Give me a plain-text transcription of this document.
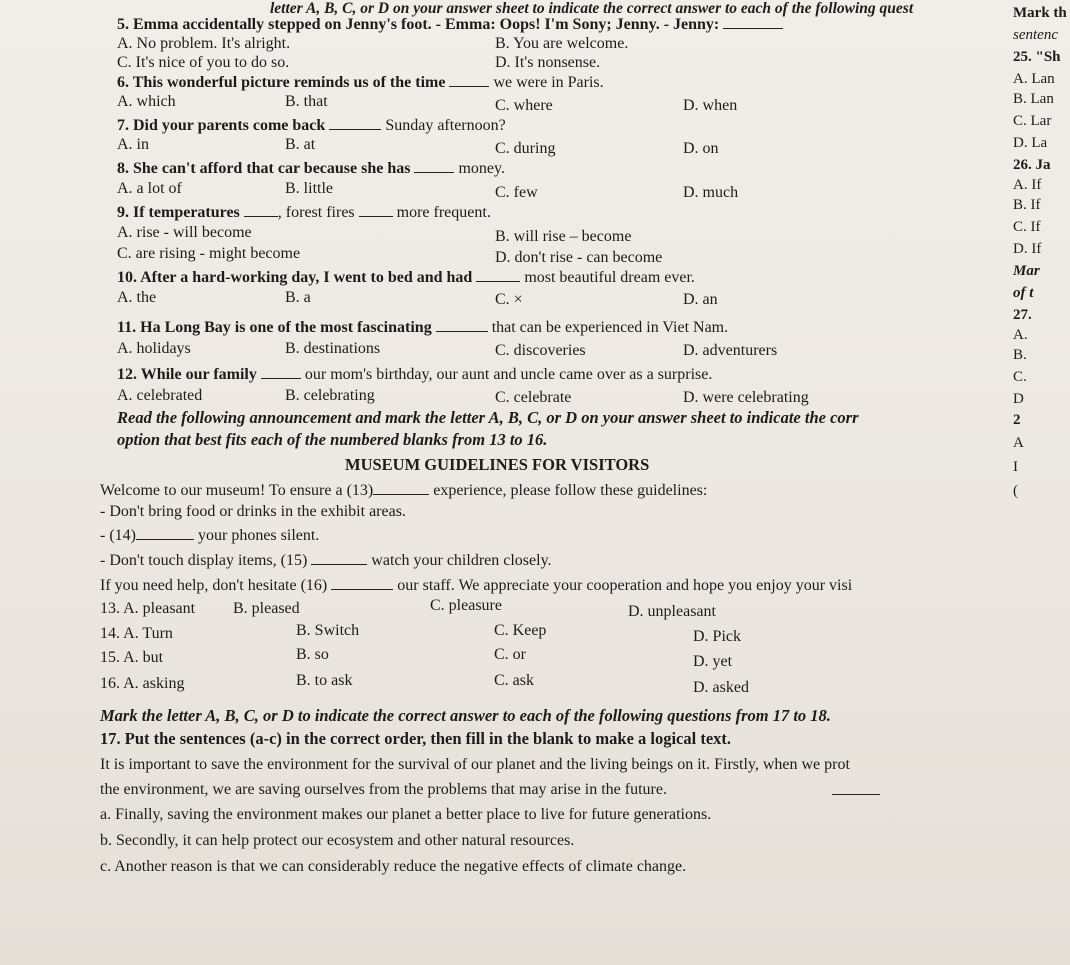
letter A, B, C, or D on your answer sheet to indicate the correct answer to each of the following quest
5. Emma accidentally stepped on Jenny's foot. - Emma: Oops! I'm Sony; Jenny. - Jenny:
A. No problem. It's alright.	B. You are welcome.
C. It's nice of you to do so.	D. It's nonsense.
6. This wonderful picture reminds us of the time	we were in Paris.
A. which	B. that	C. where	D. when
7. Did your parents come back	Sunday afternoon?
A. in	B. at	C. during	D. on
8. She can't afford that car because she has	money.
A. a lot of	B. little	C. few	D. much
9. If temperatures , forest fires	more frequent.
A. rise - will become	B. will rise – become
C. are rising - might become	D. don't rise - can become
10. After a hard-working day, I went to bed and had	most beautiful dream ever.
A. the	B. a	C. ×	D. an
11. Ha Long Bay is one of the most fascinating	that can be experienced in Viet Nam.
A. holidays	B. destinations	C. discoveries	D. adventurers
12. While our family	our mom's birthday, our aunt and uncle came over as a surprise.
A. celebrated	B. celebrating	C. celebrate	D. were celebrating
Read the following announcement and mark the letter A, B, C, or D on your answer sheet to indicate the corr
option that best fits each of the numbered blanks from 13 to 16.
MUSEUM GUIDELINES FOR VISITORS
Welcome to our museum! To ensure a (13)	experience, please follow these guidelines:
- Don't bring food or drinks in the exhibit areas.
- (14)	your phones silent.
- Don't touch display items, (15)	watch your children closely.
If you need help, don't hesitate (16)	our staff. We appreciate your cooperation and hope you enjoy your visi
13. A. pleasant B. pleased	C. pleasure	D. unpleasant
14. A. Turn	B. Switch	C. Keep	D. Pick
15. A. but	B. so	C. or	D. yet
16. A. asking	B. to ask	C. ask	D. asked
Mark the letter A, B, C, or D to indicate the correct answer to each of the following questions from 17 to 18.
17. Put the sentences (a-c) in the correct order, then fill in the blank to make a logical text.
It is important to save the environment for the survival of our planet and the living beings on it. Firstly, when we prot
the environment, we are saving ourselves from the problems that may arise in the future.
a. Finally, saving the environment makes our planet a better place to live for future generations.
b. Secondly, it can help protect our ecosystem and other natural resources.
c. Another reason is that we can considerably reduce the negative effects of climate change.
Mark th
sentenc
25. "Sh
A. Lan
B. Lan
C. Lar
D. La
26. Ja
A. If
B. If
C. If
D. If
Mar
of t
27.
A.
B.
C.
D
2
A
I
(
